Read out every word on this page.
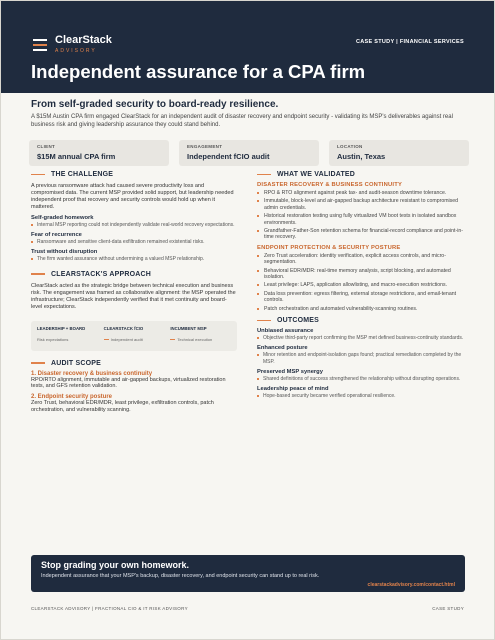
ClearStack
ADVISORY
CASE STUDY | FINANCIAL SERVICES
Independent assurance for a CPA firm
From self-graded security to board-ready resilience.
A $15M Austin CPA firm engaged ClearStack for an independent audit of disaster recovery and endpoint security - validating its MSP's deliverables against real business risk and giving leadership assurance they could stand behind.
CLIENT
$15M annual CPA firm
ENGAGEMENT
Independent fCIO audit
LOCATION
Austin, Texas
THE CHALLENGE
A previous ransomware attack had caused severe productivity loss and compromised data. The current MSP provided solid support, but leadership needed independent proof that recovery and security controls would hold up when it mattered.
Self-graded homework
Internal MSP reporting could not independently validate real-world recovery expectations.
Fear of recurrence
Ransomware and sensitive client-data exfiltration remained existential risks.
Trust without disruption
The firm wanted assurance without undermining a valued MSP relationship.
CLEARSTACK'S APPROACH
ClearStack acted as the strategic bridge between technical execution and business risk. The engagement was framed as collaborative alignment: the MSP operated the infrastructure; ClearStack independently verified that it met continuity and board-level expectations.
LEADERSHIP + BOARD
Risk expectations
CLEARSTACK fCIO
Independent audit
INCUMBENT MSP
Technical execution
AUDIT SCOPE
1. Disaster recovery & business continuity
RPO/RTO alignment, immutable and air-gapped backups, virtualized restoration tests, and GFS retention validation.
2. Endpoint security posture
Zero Trust, behavioral EDR/MDR, least privilege, exfiltration controls, patch orchestration, and vulnerability scanning.
WHAT WE VALIDATED
DISASTER RECOVERY & BUSINESS CONTINUITY
RPO & RTO alignment against peak tax- and audit-season downtime tolerance.
Immutable, block-level and air-gapped backup architecture resistant to compromised admin credentials.
Historical restoration testing using fully virtualized VM boot tests in isolated sandbox environments.
Grandfather-Father-Son retention schema for financial-record compliance and point-in-time recovery.
ENDPOINT PROTECTION & SECURITY POSTURE
Zero Trust acceleration: identity verification, explicit access controls, and micro-segmentation.
Behavioral EDR/MDR: real-time memory analysis, script blocking, and automated isolation.
Least privilege: LAPS, application allowlisting, and macro-execution restrictions.
Data loss prevention: egress filtering, external storage restrictions, and email-tenant controls.
Patch orchestration and automated vulnerability-scanning routines.
OUTCOMES
Unbiased assurance
Objective third-party report confirming the MSP met defined business-continuity standards.
Enhanced posture
Minor retention and endpoint-isolation gaps found; practical remediation completed by the MSP.
Preserved MSP synergy
Shared definitions of success strengthened the relationship without disrupting operations.
Leadership peace of mind
Hope-based security became verified operational resilience.
Stop grading your own homework.
Independent assurance that your MSP's backup, disaster recovery, and endpoint security can stand up to real risk.
clearstackadvisory.com/contact.html
CLEARSTACK ADVISORY | FRACTIONAL CIO & IT RISK ADVISORY	CASE STUDY
